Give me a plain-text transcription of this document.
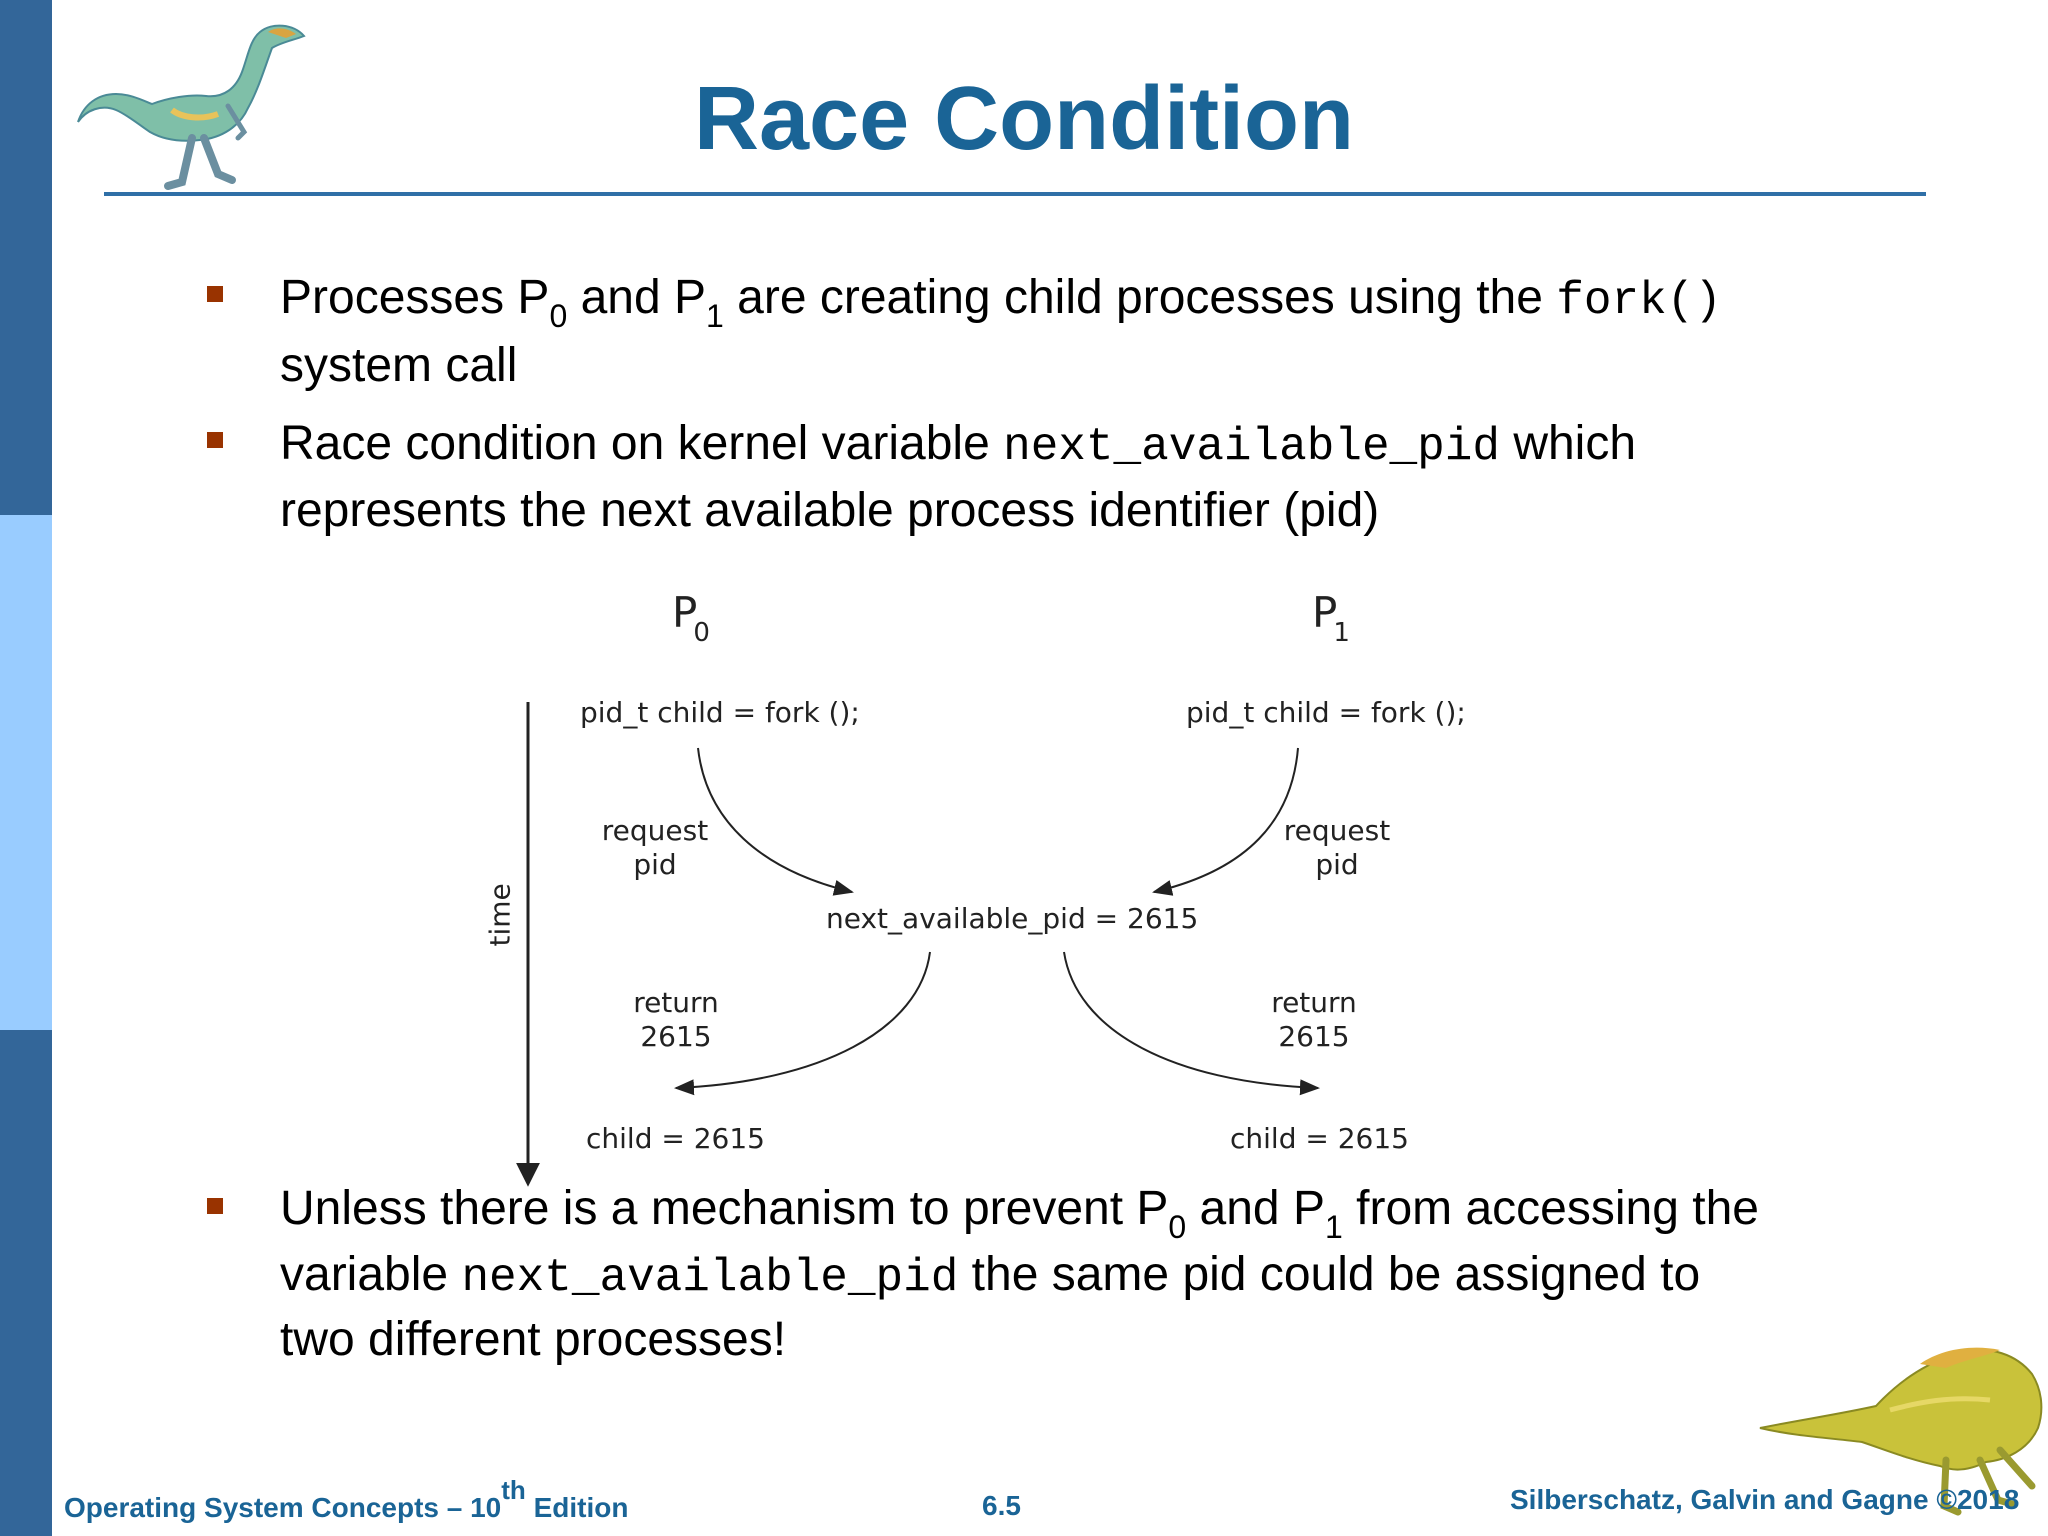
Race Condition
Processes $P_0$ and $P_1$ are creating child processes using the fork()
system call
Race condition on kernel variable next_available_pid which
represents the next available process identifier (pid)
$P_0$	$P_1$
pid_t child = fork ();	pid_t child = fork ();
request
pid
request
pid
next_available_pid = 2615
return
2615
return
2615
child = 2615	child = 2615
time
Unless there is a mechanism to prevent $P_0$ and $P_1$ from accessing the
variable next_available_pid the same pid could be assigned to
two different processes!
Operating System Concepts – 10th Edition	6.5	Silberschatz, Galvin and Gagne ©2018
